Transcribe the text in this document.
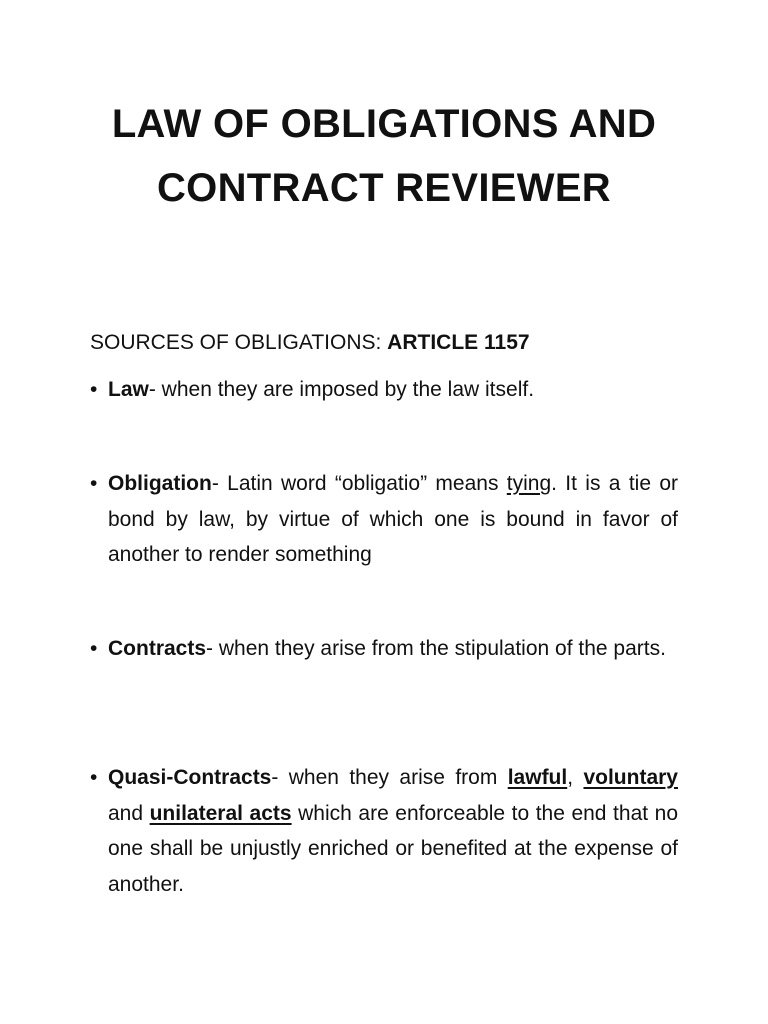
LAW OF OBLIGATIONS AND
CONTRACT REVIEWER
SOURCES OF OBLIGATIONS: ARTICLE 1157
• Law- when they are imposed by the law itself.
• Obligation- Latin word “obligatio” means tying. It is a tie or bond by law, by virtue of which one is bound in favor of another to render something
• Contracts- when they arise from the stipulation of the parts.
• Quasi-Contracts- when they arise from lawful, voluntary and unilateral acts which are enforceable to the end that no one shall be unjustly enriched or benefited at the expense of another.
